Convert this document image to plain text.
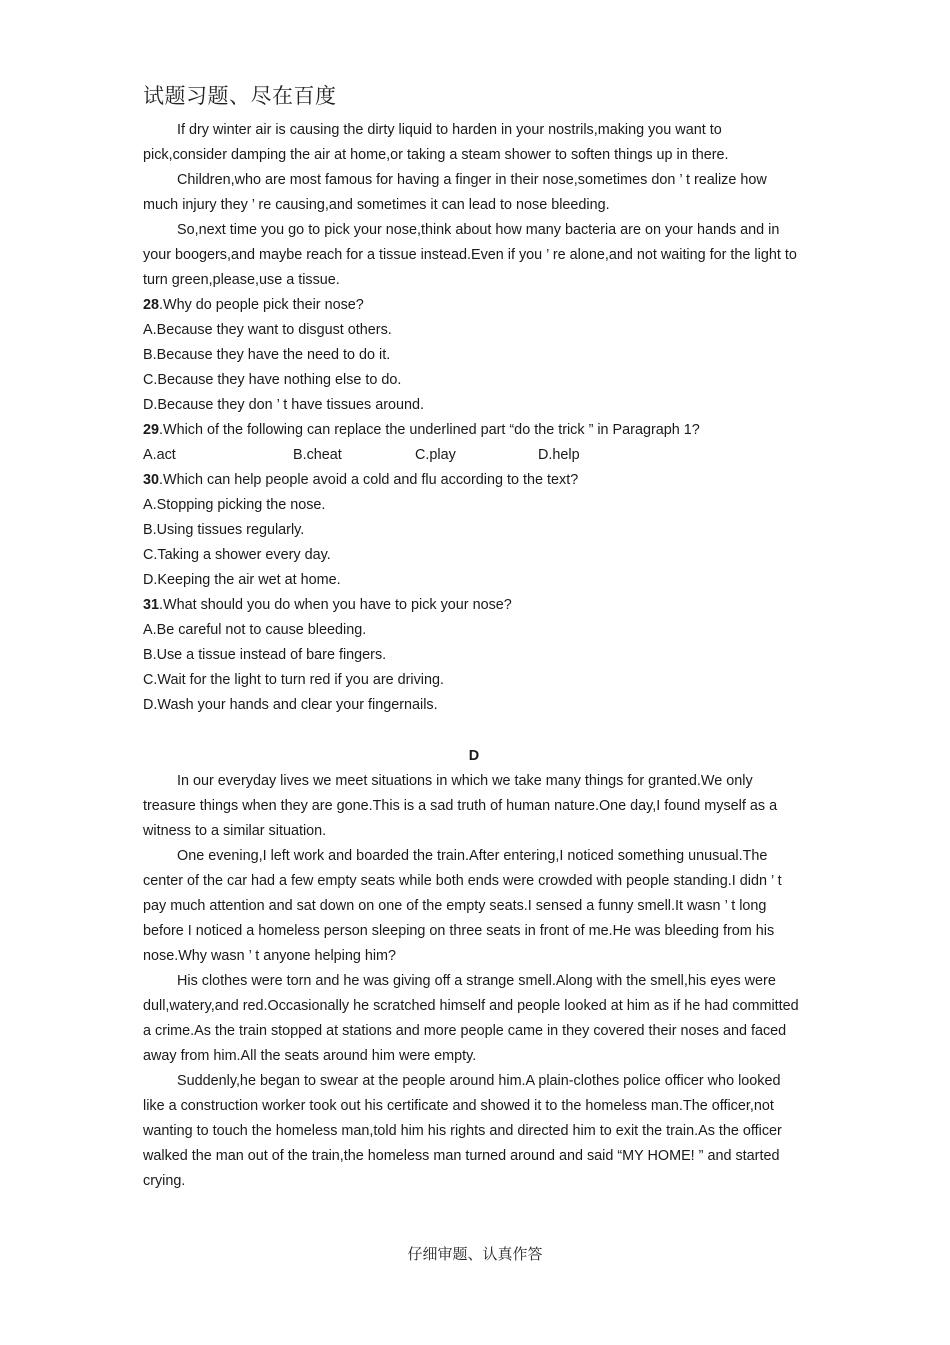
试题习题、尽在百度

If dry winter air is causing the dirty liquid to harden in your nostrils,making you want to pick,consider damping the air at home,or taking a steam shower to soften things up in there.

Children,who are most famous for having a finger in their nose,sometimes don ’ t realize how much injury they ’ re causing,and sometimes it can lead to nose bleeding.

So,next time you go to pick your nose,think about how many bacteria are on your hands and in your boogers,and maybe reach for a tissue instead.Even if you ’ re alone,and not waiting for the light to turn green,please,use a tissue.

28.Why do people pick their nose?

A.Because they want to disgust others.

B.Because they have the need to do it.

C.Because they have nothing else to do.

D.Because they don ’ t have tissues around.

29.Which of the following can replace the underlined part “do the trick ” in Paragraph 1?

A.act	B.cheat	C.play	D.help

30.Which can help people avoid a cold and flu according to the text?

A.Stopping picking the nose.

B.Using tissues regularly.

C.Taking a shower every day.

D.Keeping the air wet at home.

31.What should you do when you have to pick your nose?

A.Be careful not to cause bleeding.

B.Use a tissue instead of bare fingers.

C.Wait for the light to turn red if you are driving.

D.Wash your hands and clear your fingernails.

D

In our everyday lives we meet situations in which we take many things for granted.We only treasure things when they are gone.This is a sad truth of human nature.One day,I found myself as a witness to a similar situation.

One evening,I left work and boarded the train.After entering,I noticed something unusual.The center of the car had a few empty seats while both ends were crowded with people standing.I didn ’ t pay much attention and sat down on one of the empty seats.I sensed a funny smell.It wasn ’ t long before I noticed a homeless person sleeping on three seats in front of me.He was bleeding from his nose.Why wasn ’ t anyone helping him?

His clothes were torn and he was giving off a strange smell.Along with the smell,his eyes were dull,watery,and red.Occasionally he scratched himself and people looked at him as if he had committed a crime.As the train stopped at stations and more people came in they covered their noses and faced away from him.All the seats around him were empty.

Suddenly,he began to swear at the people around him.A plain-clothes police officer who looked like a construction worker took out his certificate and showed it to the homeless man.The officer,not wanting to touch the homeless man,told him his rights and directed him to exit the train.As the officer walked the man out of the train,the homeless man turned around and said “MY HOME! ” and started crying.

仔细审题、认真作答
